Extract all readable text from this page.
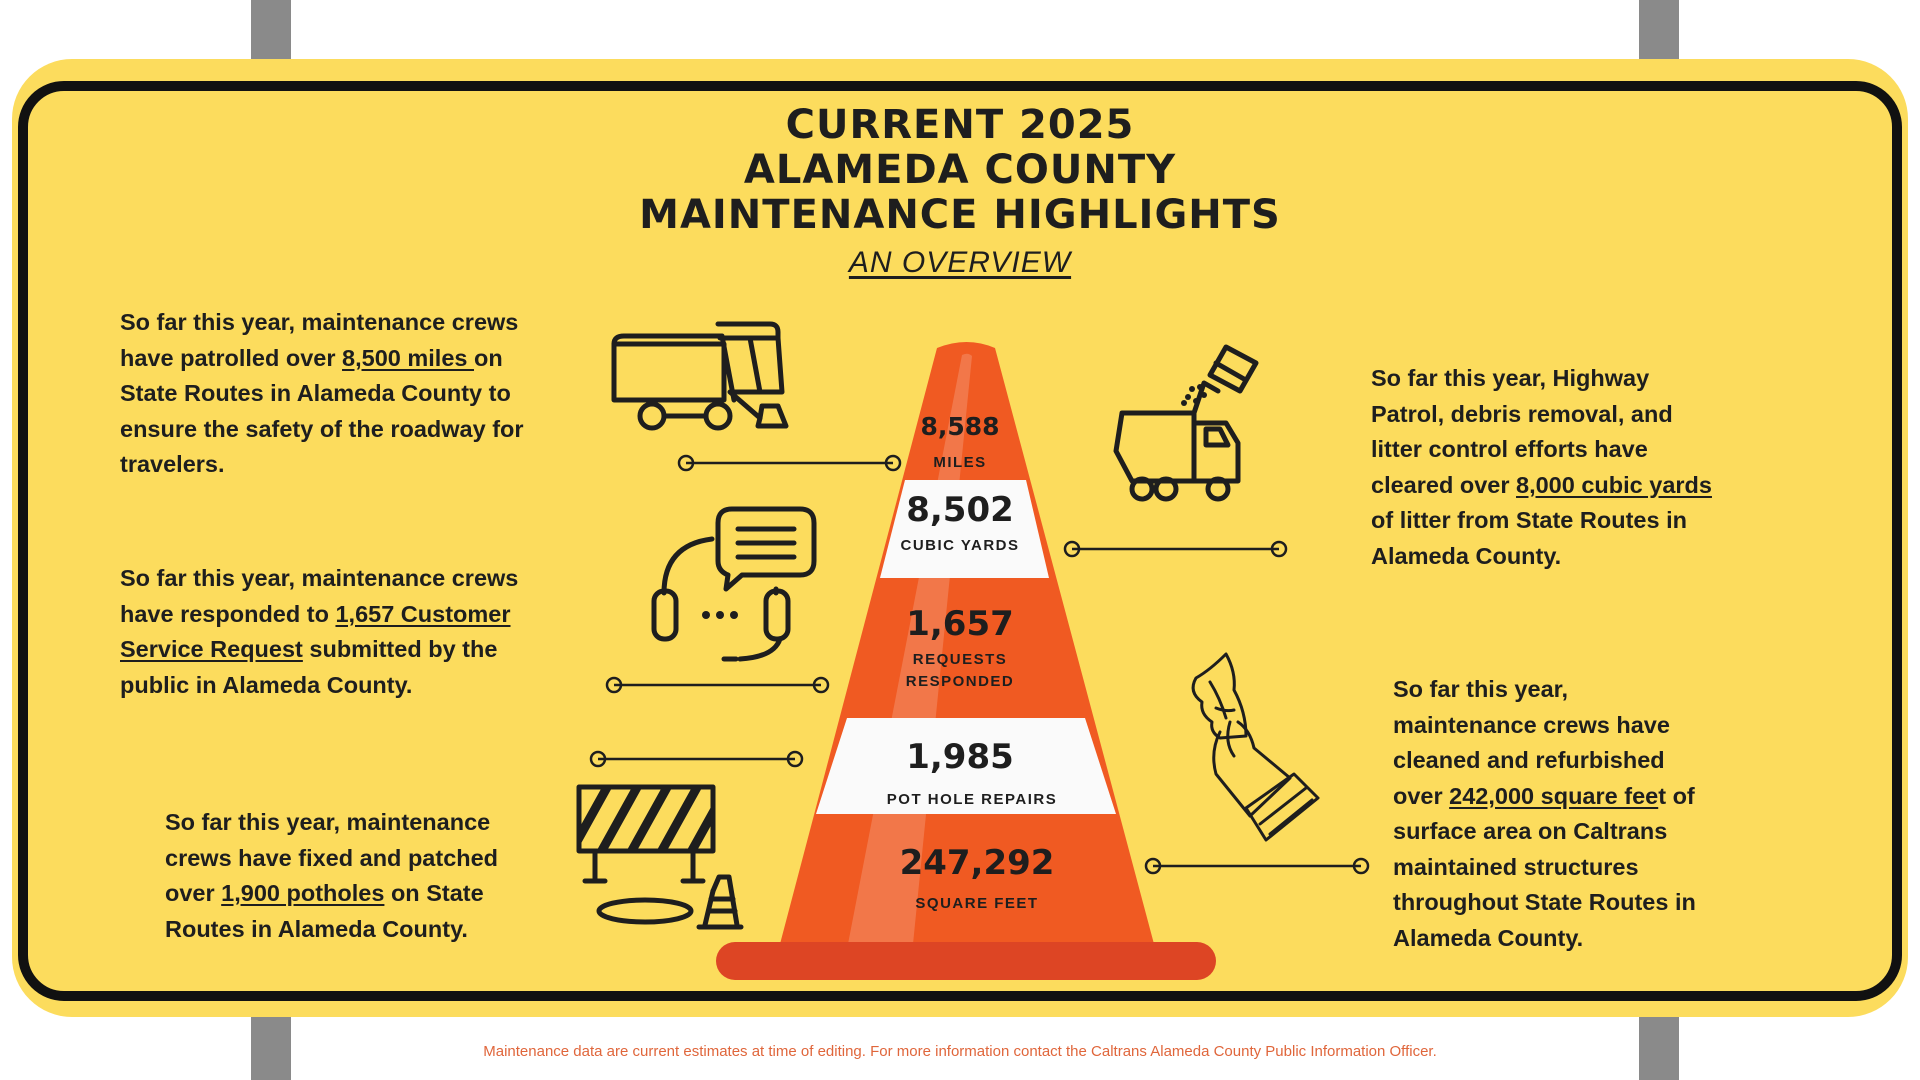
CURRENT 2025
ALAMEDA COUNTY
MAINTENANCE HIGHLIGHTS
AN OVERVIEW
8,588
MILES
8,502
CUBIC YARDS
1,657
REQUESTS
RESPONDED
1,985
POT HOLE REPAIRS
247,292
SQUARE FEET
So far this year, maintenance crews have patrolled over 8,500 miles on State Routes in Alameda County to ensure the safety of the roadway for travelers.
So far this year, maintenance crews have responded to 1,657 Customer Service Request submitted by the public in Alameda County.
So far this year, maintenance crews have fixed and patched over 1,900 potholes on State Routes in Alameda County.
So far this year, Highway Patrol, debris removal, and litter control efforts have cleared over 8,000 cubic yards of litter from State Routes in Alameda County.
So far this year, maintenance crews have cleaned and refurbished over 242,000 square feet of surface area on Caltrans maintained structures throughout State Routes in Alameda County.
Maintenance data are current estimates at time of editing. For more information contact the Caltrans Alameda County Public Information Officer.
